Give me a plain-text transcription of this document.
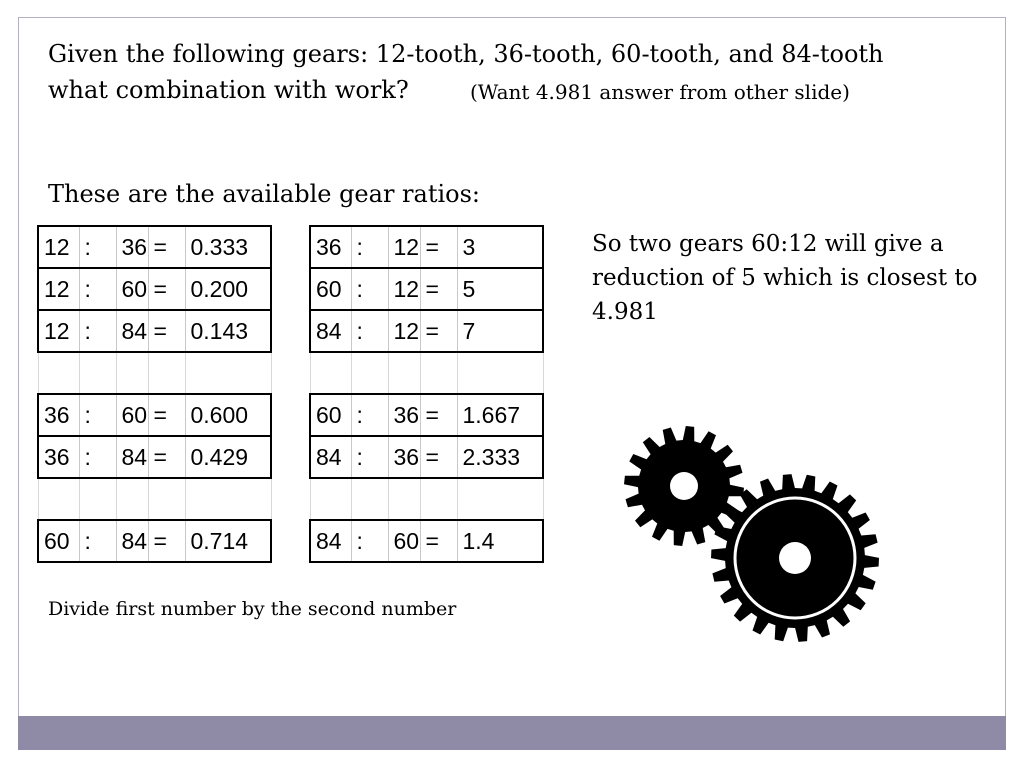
Given the following gears: 12-tooth, 36-tooth, 60-tooth, and 84-tooth
what combination with work?	(Want 4.981 answer from other slide)
These are the available gear ratios:
12	:	36	=	0.333
12	:	60	=	0.200
12	:	84	=	0.143

36	:	60	=	0.600
36	:	84	=	0.429

60	:	84	=	0.714
36	:	12	=	3
60	:	12	=	5
84	:	12	=	7

60	:	36	=	1.667
84	:	36	=	2.333

84	:	60	=	1.4
So two gears 60:12 will give a reduction of 5 which is closest to 4.981
Divide first number by the second number
